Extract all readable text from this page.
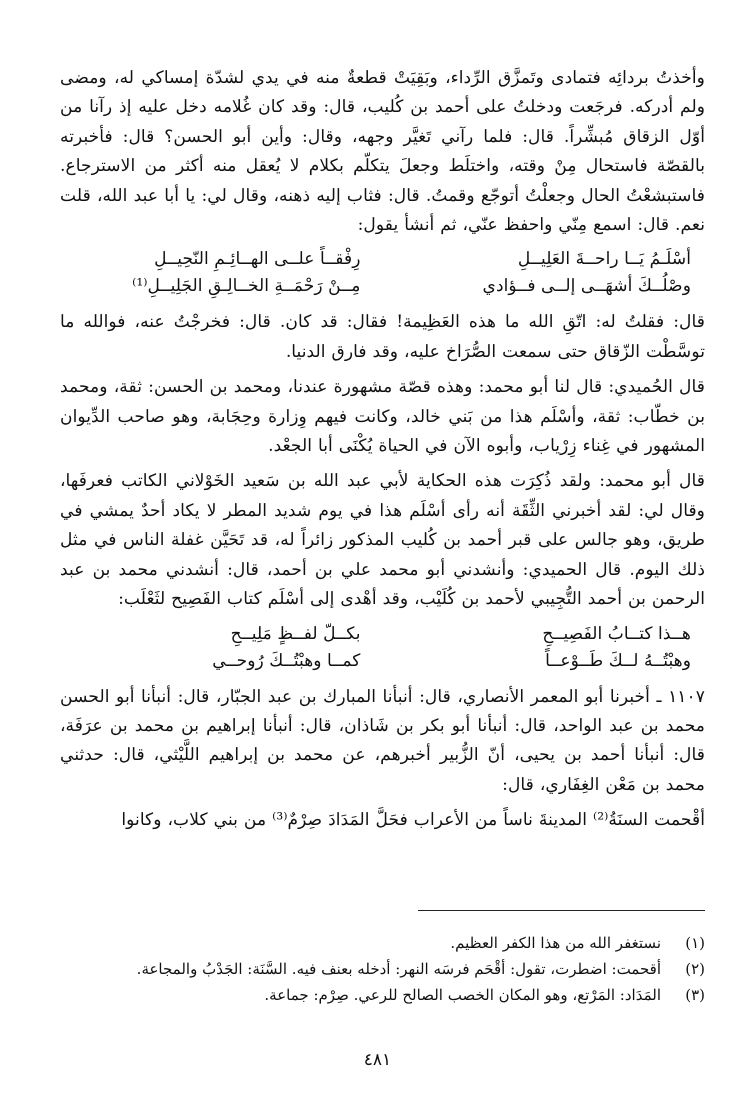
وأخذتُ بردائِه فتمادى وتَمزَّق الرِّداء، وبَقِيَتْ قطعةٌ منه في يدي لشدّة إمساكي له، ومضى ولم أدركه. فرجَعت ودخلتُ على أحمد بن كُليب، قال: وقد كان غُلامه دخل عليه إذ رآنا من أوّل الزقاق مُبشِّراً. قال: فلما رآني تَغيَّر وجهه، وقال: وأين أبو الحسن؟ قال: فأخبرته بالقصّة فاستحال مِنْ وقته، واختلَط وجعلَ يتكلّم بكلام لا يُعقل منه أكثر من الاسترجاع. فاستبشعْتُ الحال وجعلْتُ أتوجّع وقمتُ. قال: فثاب إليه ذهنه، وقال لي: يا أبا عبد الله، قلت نعم. قال: اسمع مِنّي واحفظ عنّي، ثم أنشأ يقول:

أسْلَـمُ يَــا راحــةَ العَلِيــلِ
رِفْقــاً علــى الهــائِـمِ النّحِيــلِ
وصْلُــكَ أشهَــى إلــى فــؤادي
مِــنْ رَحْمَــةِ الخــالِـقِ الجَلِيــلِ⁽¹⁾

قال: فقلتُ له: اتّقِ الله ما هذه العَظِيمة! فقال: قد كان. قال: فخرجْتُ عنه، فوالله ما توسَّطْت الزّقاق حتى سمعت الصُّرَاخ عليه، وقد فارق الدنيا.

قال الحُميدي: قال لنا أبو محمد: وهذه قصّة مشهورة عندنا، ومحمد بن الحسن: ثقة، ومحمد بن خطّاب: ثقة، وأسْلَم هذا من بَني خالد، وكانت فيهم وِزارة وحِجَابة، وهو صاحب الدِّيوان المشهور في غِناء زِرْياب، وأبوه الآن في الحياة يُكْنَى أبا الجعْد.

قال أبو محمد: ولقد ذُكِرَت هذه الحكاية لأبي عبد الله بن سَعيد الخَوْلاني الكاتب فعرفَها، وقال لي: لقد أخبرني الثِّقَة أنه رأى أسْلَم هذا في يوم شديد المطر لا يكاد أحدٌ يمشي في طريق، وهو جالس على قبر أحمد بن كُليب المذكور زائراً له، قد تَحَيَّن غفلة الناس في مثل ذلك اليوم. قال الحميدي: وأنشدني أبو محمد علي بن أحمد، قال: أنشدني محمد بن عبد الرحمن بن أحمد التُّجِيبي لأحمد بن كُلَيْب، وقد أهْدى إلى أسْلَم كتاب الفَصِيح لثَعْلَب:

هــذا كتــابُ الفَصِيــحِ
بكــلّ لفــظٍ مَلِيــحِ
وهبْتُــهُ لــكَ طَــوْعــاً
كمــا وهبْتُــكَ رُوحــي

١١٠٧ ـ أخبرنا أبو المعمر الأنصاري، قال: أنبأنا المبارك بن عبد الجبّار، قال: أنبأنا أبو الحسن محمد بن عبد الواحد، قال: أنبأنا أبو بكر بن شَاذان، قال: أنبأنا إبراهيم بن محمد بن عرَفَة، قال: أنبأنا أحمد بن يحيى، أنّ الزُّبير أخبرهم، عن محمد بن إبراهيم اللَّيْثي، قال: حدثني محمد بن مَعْن الغِفَاري، قال:

أقْحمت السنَةُ⁽²⁾ المدينةَ ناساً من الأعراب فحَلَّ المَدَادَ صِرْمٌ⁽³⁾ من بني كلاب، وكانوا

(١)
نستغفر الله من هذا الكفر العظيم.
(٢)
أقحمت: اضطرت، تقول: أقْحَم فرسَه النهر: أدخله بعنف فيه. السَّنَة: الجَدْبُ والمجاعة.
(٣)
المَدَاد: المَرْتع، وهو المكان الخصب الصالح للرعي. صِرْم: جماعة.
٤٨١
